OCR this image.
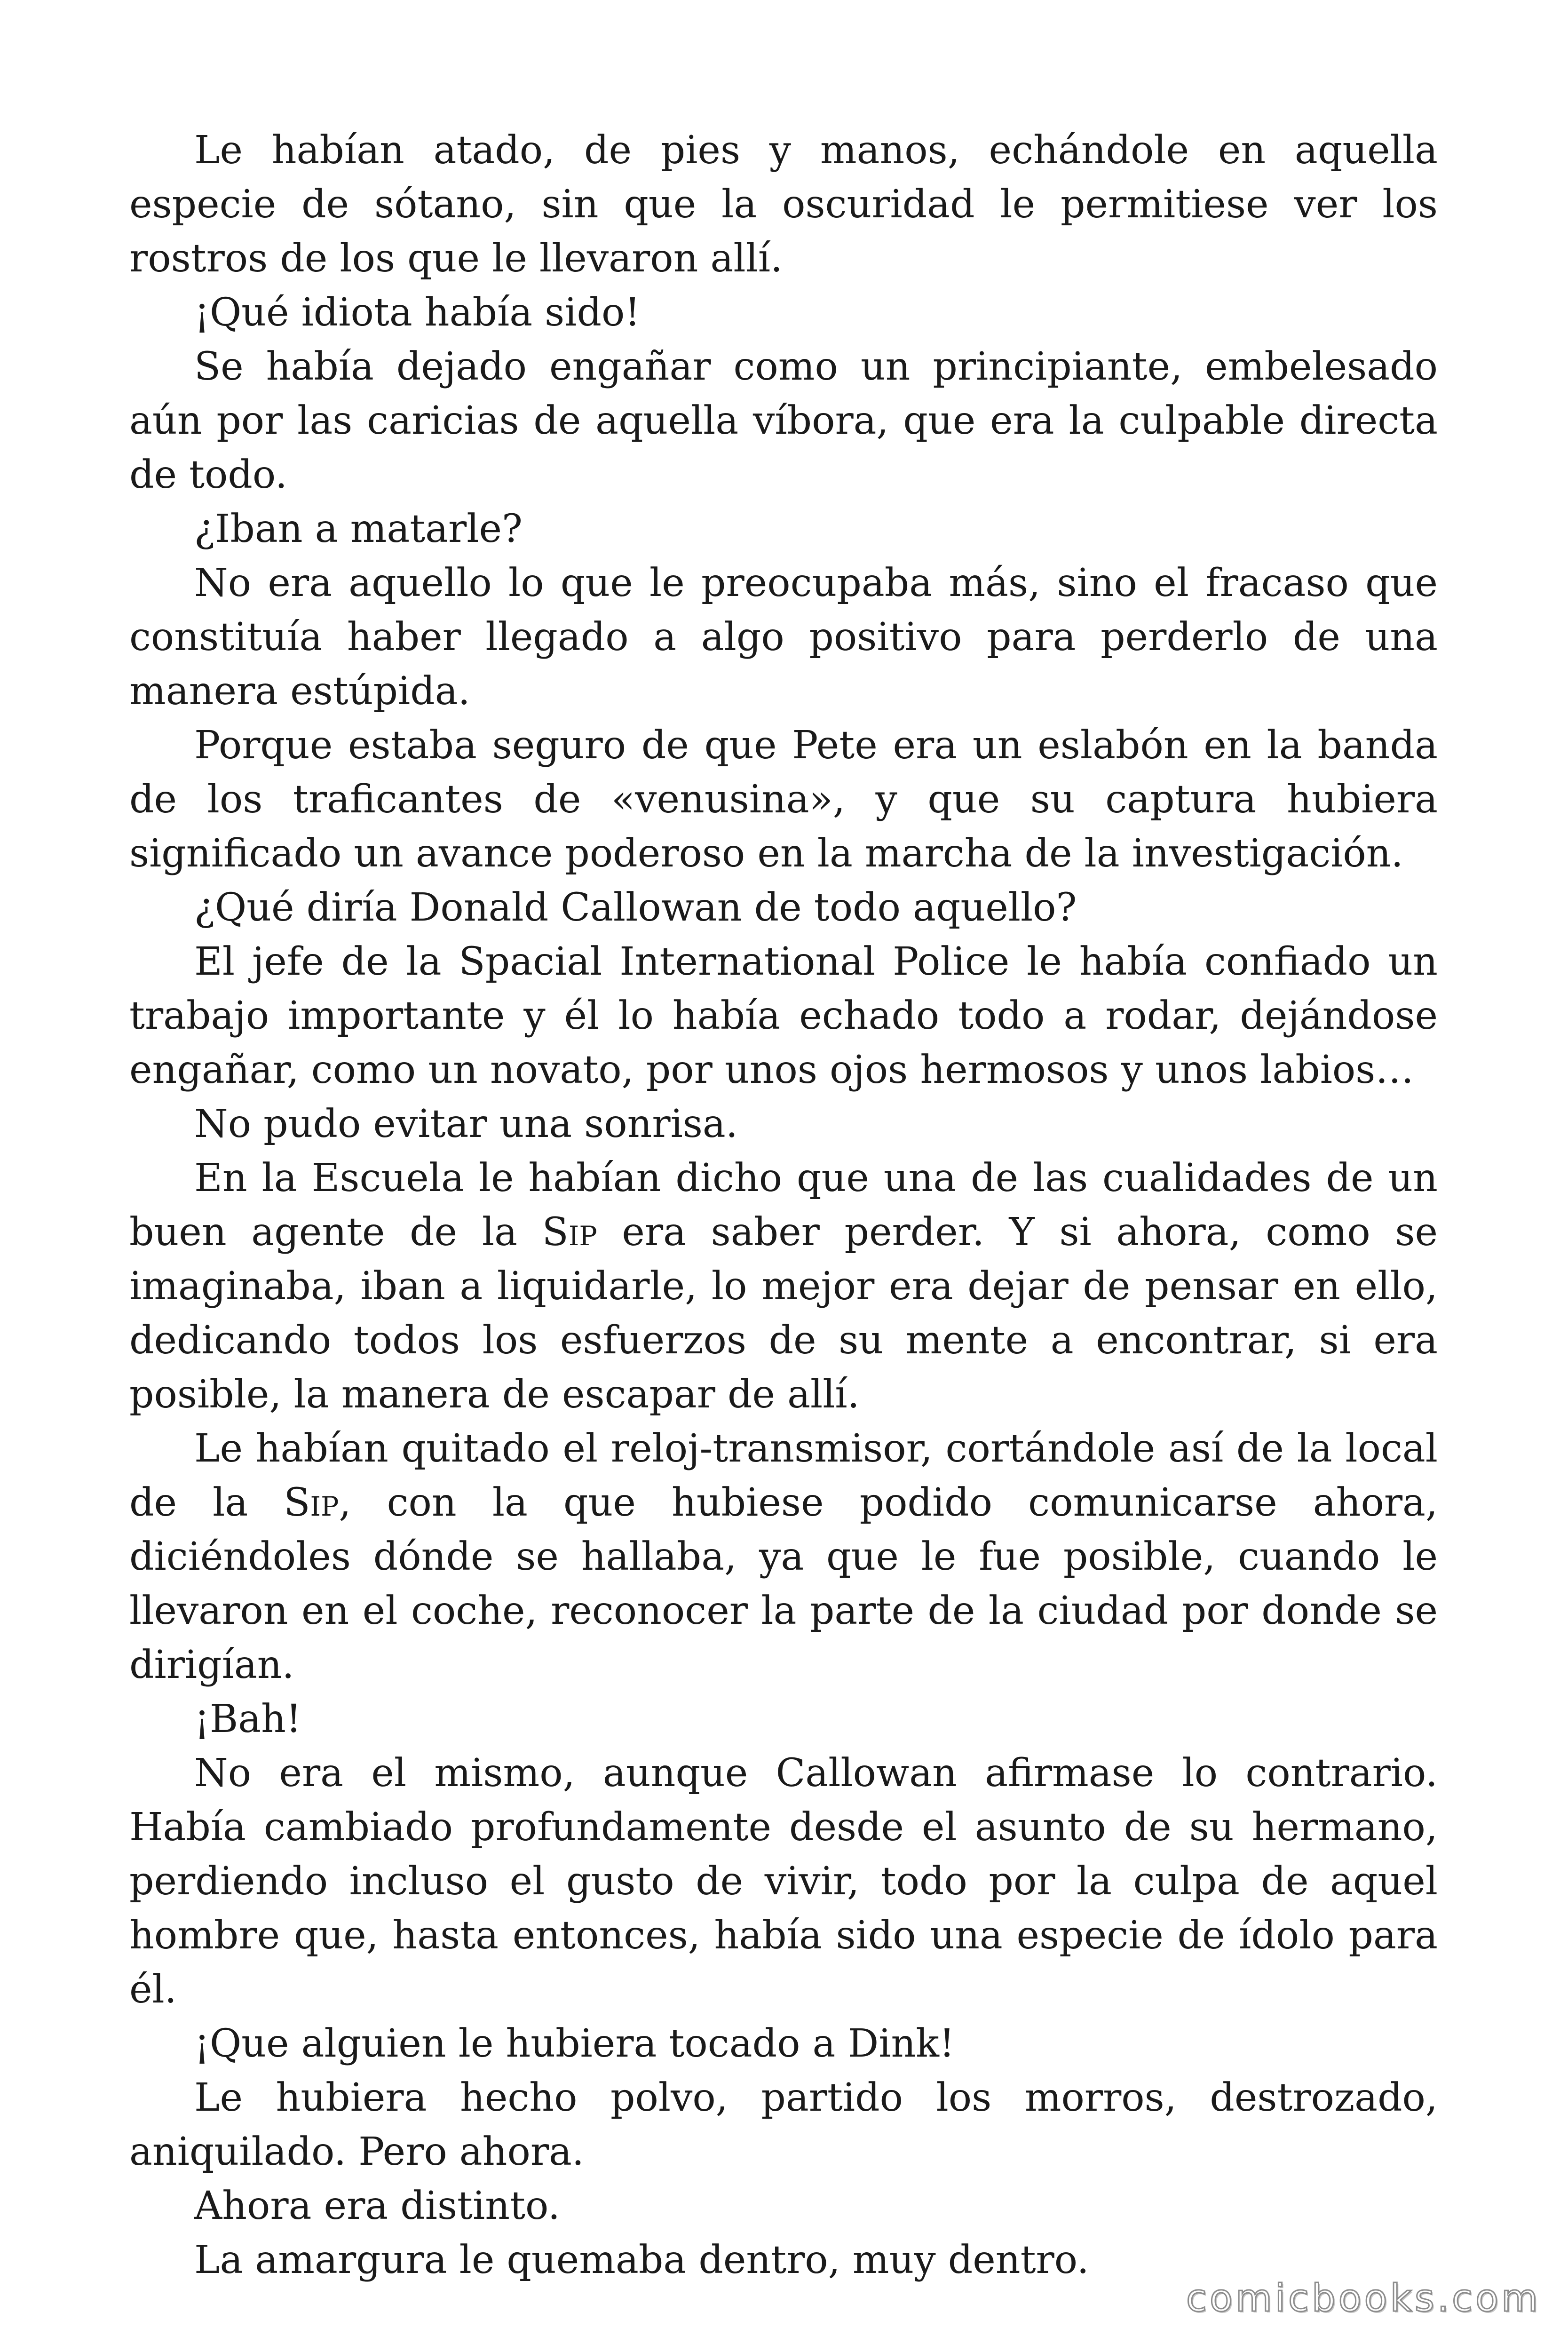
Le habían atado, de pies y manos, echándole en aquella especie de sótano, sin que la oscuridad le permitiese ver los rostros de los que le llevaron allí.

¡Qué idiota había sido!

Se había dejado engañar como un principiante, embelesado aún por las caricias de aquella víbora, que era la culpable directa de todo.

¿Iban a matarle?

No era aquello lo que le preocupaba más, sino el fracaso que constituía haber llegado a algo positivo para perderlo de una manera estúpida.

Porque estaba seguro de que Pete era un eslabón en la banda de los traficantes de «venusina», y que su captura hubiera significado un avance poderoso en la marcha de la investigación.

¿Qué diría Donald Callowan de todo aquello?

El jefe de la Spacial International Police le había confiado un trabajo importante y él lo había echado todo a rodar, dejándose engañar, como un novato, por unos ojos hermosos y unos labios…

No pudo evitar una sonrisa.

En la Escuela le habían dicho que una de las cualidades de un buen agente de la Sip era saber perder. Y si ahora, como se imaginaba, iban a liquidarle, lo mejor era dejar de pensar en ello, dedicando todos los esfuerzos de su mente a encontrar, si era posible, la manera de escapar de allí.

Le habían quitado el reloj-transmisor, cortándole así de la local de la Sip, con la que hubiese podido comunicarse ahora, diciéndoles dónde se hallaba, ya que le fue posible, cuando le llevaron en el coche, reconocer la parte de la ciudad por donde se dirigían.

¡Bah!

No era el mismo, aunque Callowan afirmase lo contrario. Había cambiado profundamente desde el asunto de su hermano, perdiendo incluso el gusto de vivir, todo por la culpa de aquel hombre que, hasta entonces, había sido una especie de ídolo para él.

¡Que alguien le hubiera tocado a Dink!

Le hubiera hecho polvo, partido los morros, destrozado, aniquilado. Pero ahora.

Ahora era distinto.

La amargura le quemaba dentro, muy dentro.

comicbooks.com
